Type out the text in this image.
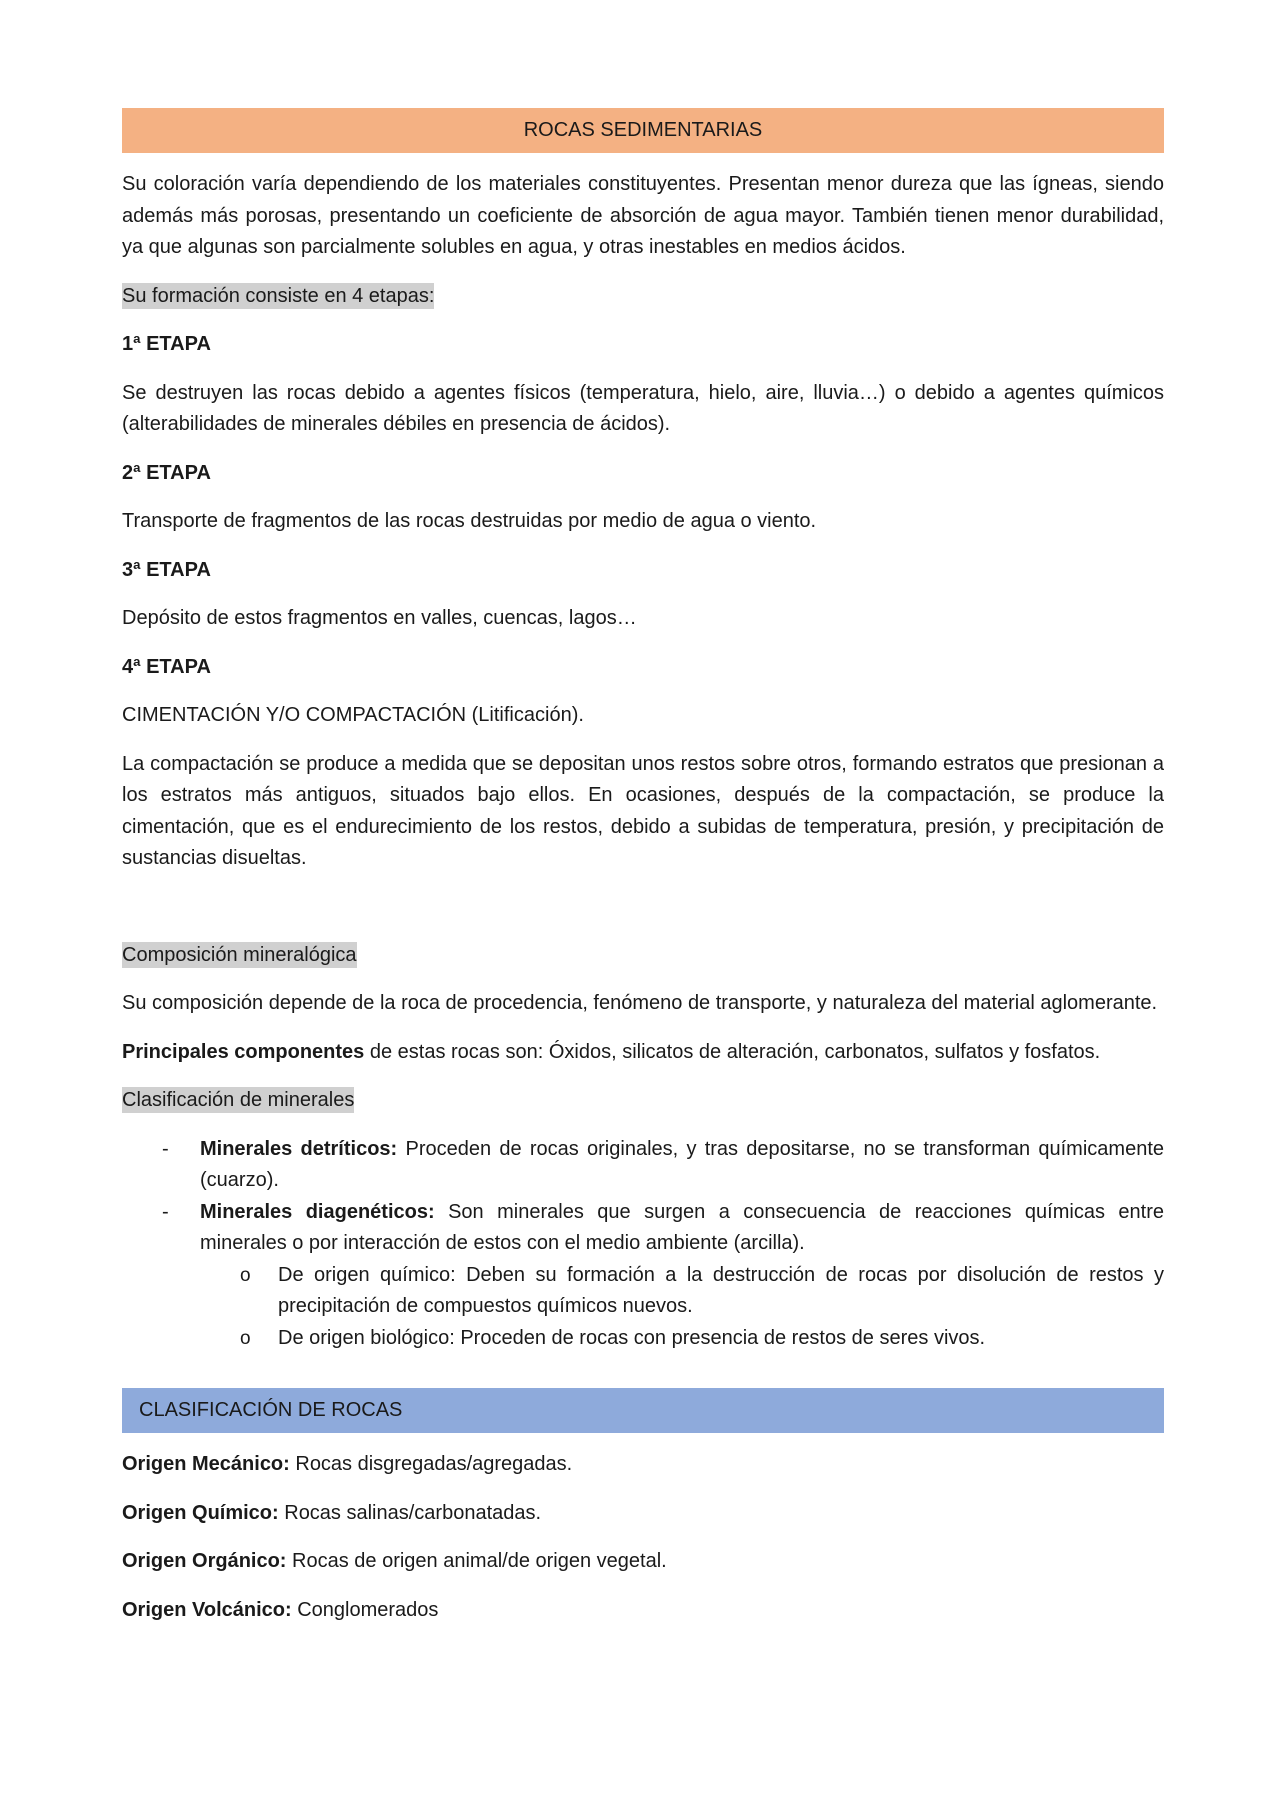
ROCAS SEDIMENTARIAS

Su coloración varía dependiendo de los materiales constituyentes. Presentan menor dureza que las ígneas, siendo además más porosas, presentando un coeficiente de absorción de agua mayor. También tienen menor durabilidad, ya que algunas son parcialmente solubles en agua, y otras inestables en medios ácidos.

Su formación consiste en 4 etapas:

1ª ETAPA

Se destruyen las rocas debido a agentes físicos (temperatura, hielo, aire, lluvia…) o debido a agentes químicos (alterabilidades de minerales débiles en presencia de ácidos).

2ª ETAPA

Transporte de fragmentos de las rocas destruidas por medio de agua o viento.

3ª ETAPA

Depósito de estos fragmentos en valles, cuencas, lagos…

4ª ETAPA

CIMENTACIÓN Y/O COMPACTACIÓN (Litificación).

La compactación se produce a medida que se depositan unos restos sobre otros, formando estratos que presionan a los estratos más antiguos, situados bajo ellos. En ocasiones, después de la compactación, se produce la cimentación, que es el endurecimiento de los restos, debido a subidas de temperatura, presión, y precipitación de sustancias disueltas.

Composición mineralógica

Su composición depende de la roca de procedencia, fenómeno de transporte, y naturaleza del material aglomerante.

Principales componentes de estas rocas son: Óxidos, silicatos de alteración, carbonatos, sulfatos y fosfatos.

Clasificación de minerales

- Minerales detríticos: Proceden de rocas originales, y tras depositarse, no se transforman químicamente (cuarzo).
- Minerales diagenéticos: Son minerales que surgen a consecuencia de reacciones químicas entre minerales o por interacción de estos con el medio ambiente (arcilla).
o De origen químico: Deben su formación a la destrucción de rocas por disolución de restos y precipitación de compuestos químicos nuevos.
o De origen biológico: Proceden de rocas con presencia de restos de seres vivos.
CLASIFICACIÓN DE ROCAS

Origen Mecánico: Rocas disgregadas/agregadas.

Origen Químico: Rocas salinas/carbonatadas.

Origen Orgánico: Rocas de origen animal/de origen vegetal.

Origen Volcánico: Conglomerados
